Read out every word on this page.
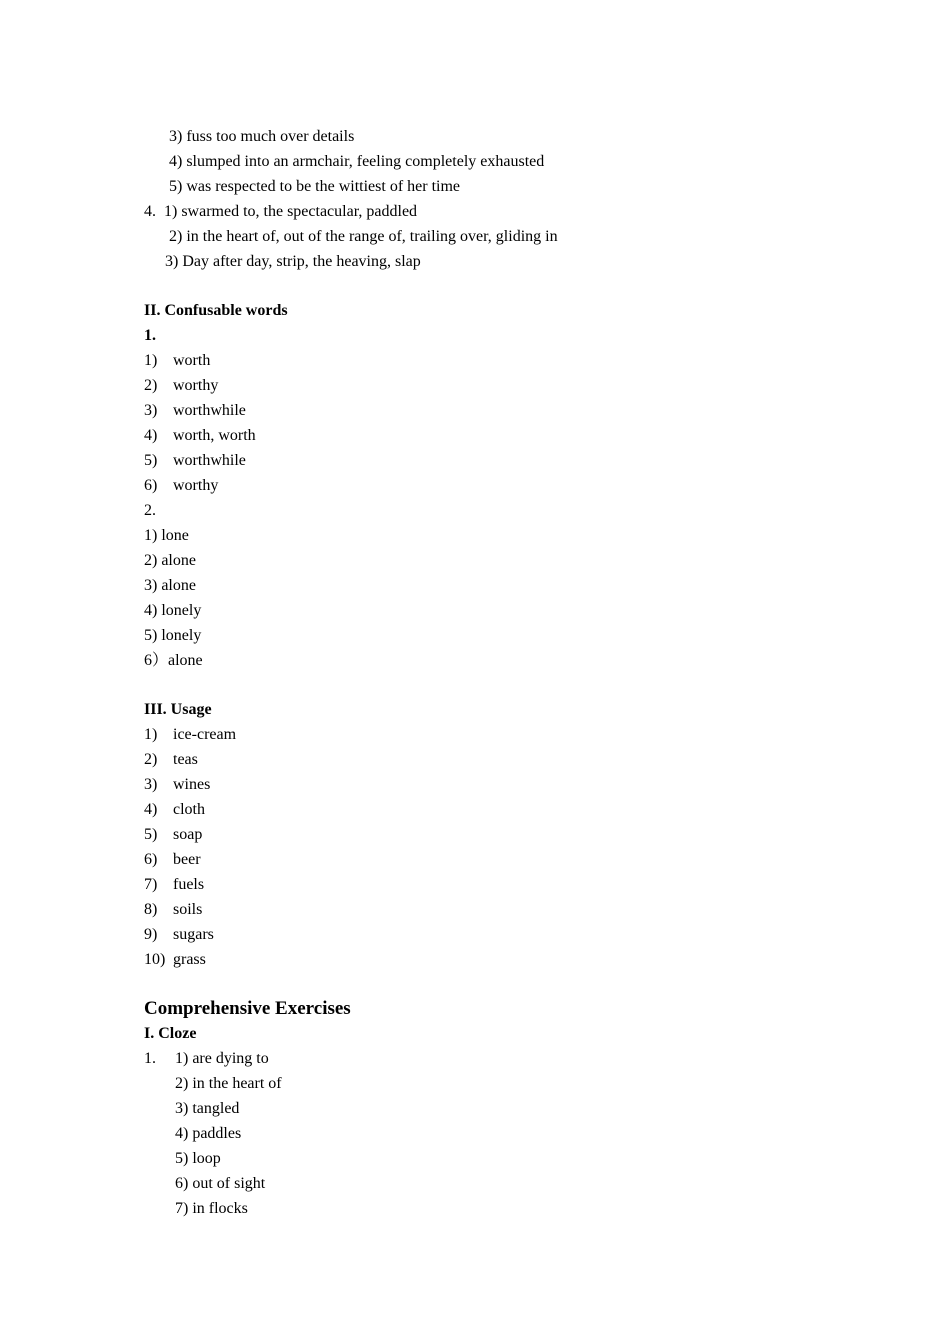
3) fuss too much over details
4) slumped into an armchair, feeling completely exhausted
5) was respected to be the wittiest of her time
4. 1) swarmed to, the spectacular, paddled
2) in the heart of, out of the range of, trailing over, gliding in
3) Day after day, strip, the heaving, slap
II. Confusable words
1.
1) worth
2) worthy
3) worthwhile
4) worth, worth
5) worthwhile
6) worthy
2.
1) lone
2) alone
3) alone
4) lonely
5) lonely
6）alone
III. Usage
1) ice-cream
2) teas
3) wines
4) cloth
5) soap
6) beer
7) fuels
8) soils
9) sugars
10) grass
Comprehensive Exercises
I. Cloze
1. 1) are dying to
2) in the heart of
3) tangled
4) paddles
5) loop
6) out of sight
7) in flocks
